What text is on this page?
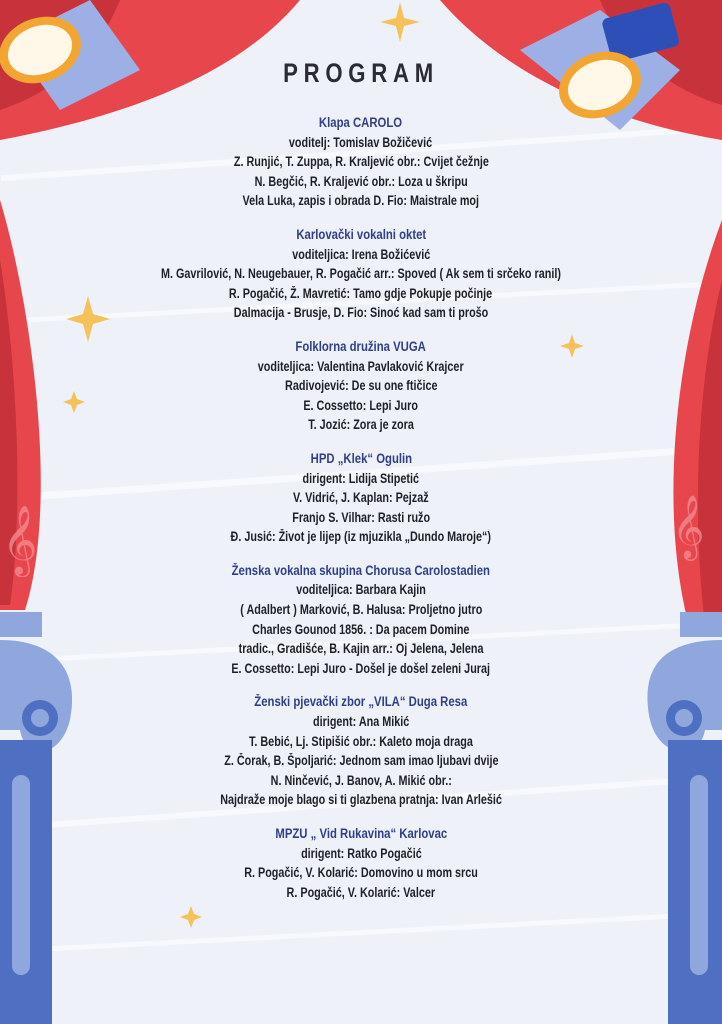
𝄞	𝄞
PROGRAM
Klapa CAROLO
voditelj: Tomislav Božičević
Z. Runjić, T. Zuppa, R. Kraljević obr.: Cvijet čežnje
N. Begčić, R. Kraljević obr.: Loza u škripu
Vela Luka, zapis i obrada D. Fio: Maistrale moj
Karlovački vokalni oktet
voditeljica: Irena Božićević
M. Gavrilović, N. Neugebauer, R. Pogačić arr.: Spoved ( Ak sem ti srčeko ranil)
R. Pogačić, Ž. Mavretić: Tamo gdje Pokupje počinje
Dalmacija - Brusje, D. Fio: Sinoć kad sam ti prošo
Folklorna družina VUGA
voditeljica: Valentina Pavlaković Krajcer
Radivojević: De su one ftičice
E. Cossetto: Lepi Juro
T. Jozić: Zora je zora
HPD „Klek“ Ogulin
dirigent: Lidija Stipetić
V. Vidrić, J. Kaplan: Pejzaž
Franjo S. Vilhar: Rasti ružo
Đ. Jusić: Život je lijep (iz mjuzikla „Dundo Maroje“)
Ženska vokalna skupina Chorusa Carolostadien
voditeljica: Barbara Kajin
( Adalbert ) Marković, B. Halusa: Proljetno jutro
Charles Gounod 1856. : Da pacem Domine
tradic., Gradišće, B. Kajin arr.: Oj Jelena, Jelena
E. Cossetto: Lepi Juro - Došel je došel zeleni Juraj
Ženski pjevački zbor „VILA“ Duga Resa
dirigent: Ana Mikić
T. Bebić, Lj. Stipišić obr.: Kaleto moja draga
Z. Čorak, B. Špoljarić: Jednom sam imao ljubavi dvije
N. Ninčević, J. Banov, A. Mikić obr.:
Najdraže moje blago si ti glazbena pratnja: Ivan Arlešić
MPZU „ Vid Rukavina“ Karlovac
dirigent: Ratko Pogačić
R. Pogačić, V. Kolarić: Domovino u mom srcu
R. Pogačić, V. Kolarić: Valcer
